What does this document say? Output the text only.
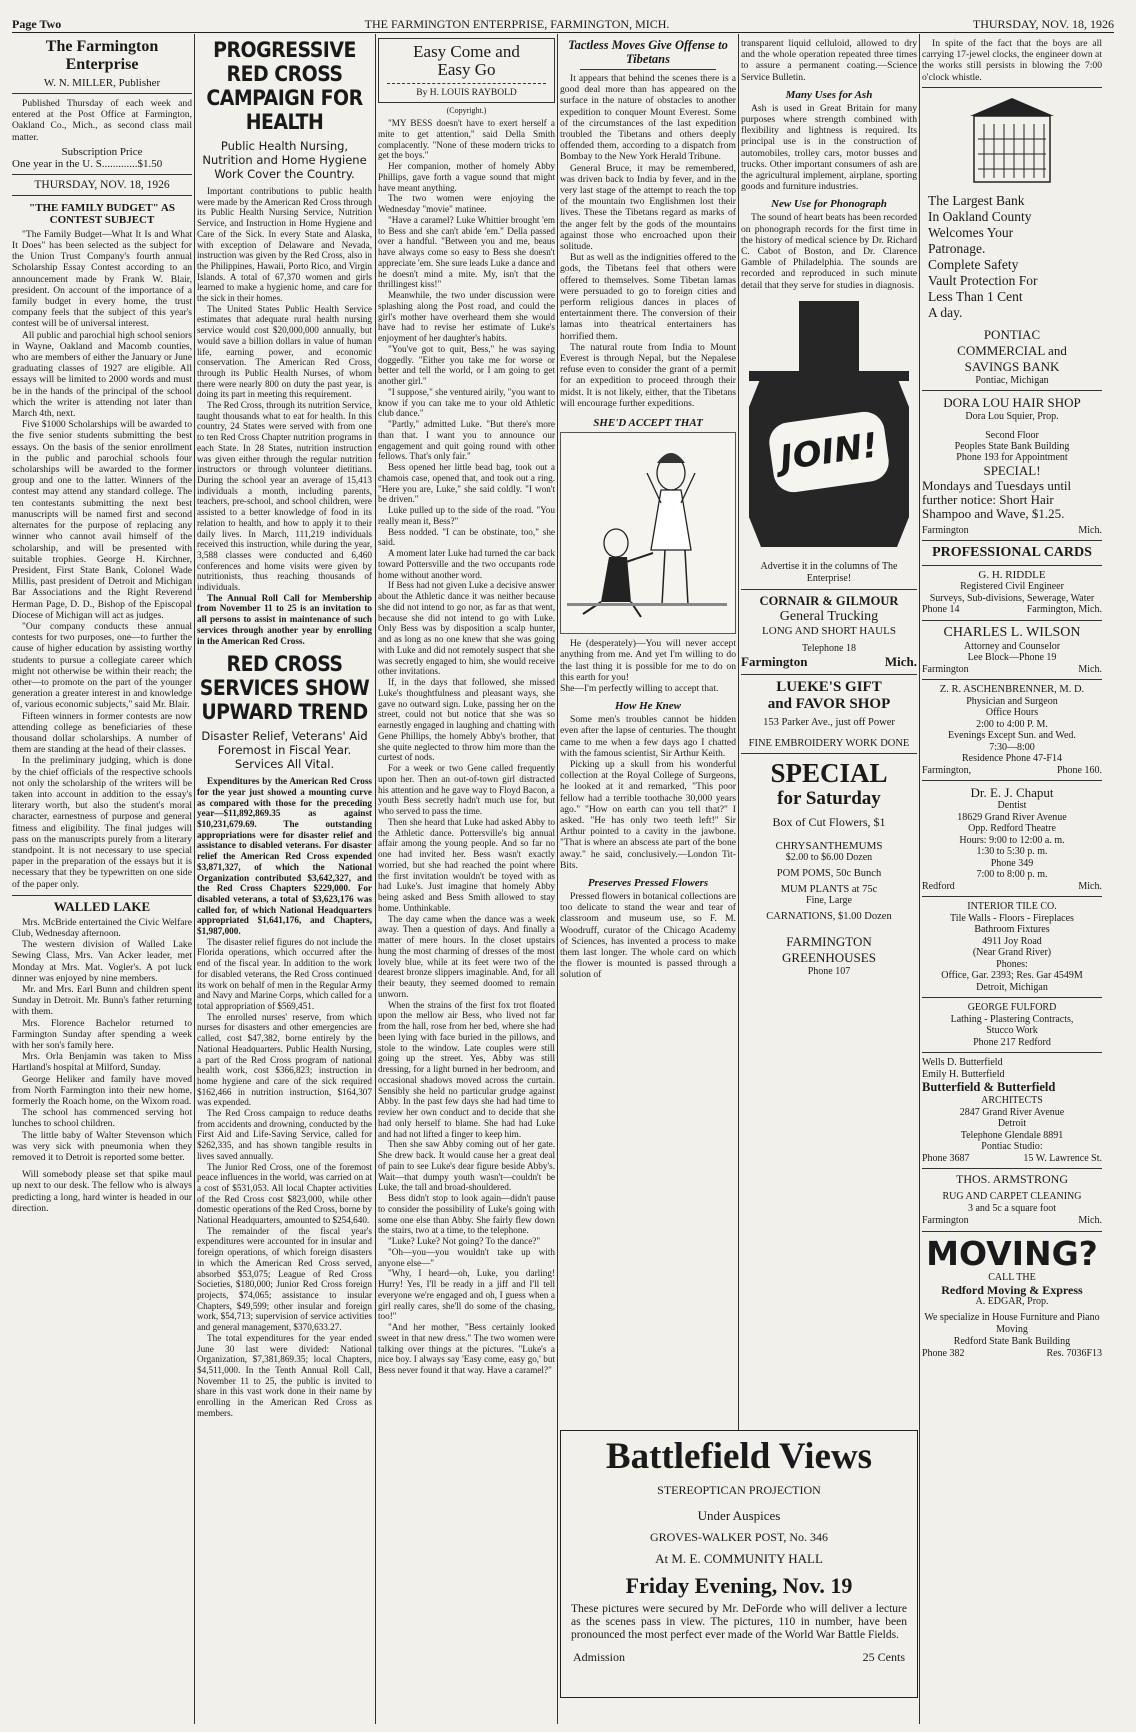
Page Two	THE FARMINGTON ENTERPRISE, FARMINGTON, MICH.	THURSDAY, NOV. 18, 1926
The Farmington Enterprise
W. N. MILLER, Publisher

Published Thursday of each week and entered at the Post Office at Farmington, Oakland Co., Mich., as second class mail matter.

Subscription Price
One year in the U. S.............$1.50
THURSDAY, NOV. 18, 1926
"THE FAMILY BUDGET" AS CONTEST SUBJECT

"The Family Budget—What It Is and What It Does" has been selected as the subject for the Union Trust Company's fourth annual Scholarship Essay Contest according to an announcement made by Frank W. Blair, president. On account of the importance of a family budget in every home, the trust company feels that the subject of this year's contest will be of universal interest.

All public and parochial high school seniors in Wayne, Oakland and Macomb counties, who are members of either the January or June graduating classes of 1927 are eligible. All essays will be limited to 2000 words and must be in the hands of the principal of the school which the writer is attending not later than March 4th, next.

Five $1000 Scholarships will be awarded to the five senior students submitting the best essays. On the basis of the senior enrollment in the public and parochial schools four scholarships will be awarded to the former group and one to the latter. Winners of the contest may attend any standard college. The ten contestants submitting the next best manuscripts will be named first and second alternates for the purpose of replacing any winner who cannot avail himself of the scholarship, and will be presented with suitable trophies. George H. Kirchner, President, First State Bank, Colonel Wade Millis, past president of Detroit and Michigan Bar Associations and the Right Reverend Herman Page, D. D., Bishop of the Episcopal Diocese of Michigan will act as judges.

"Our company conducts these annual contests for two purposes, one—to further the cause of higher education by assisting worthy students to pursue a collegiate career which might not otherwise be within their reach; the other—to promote on the part of the younger generation a greater interest in and knowledge of, various economic subjects," said Mr. Blair.

Fifteen winners in former contests are now attending college as beneficiaries of these thousand dollar scholarships. A number of them are standing at the head of their classes.

In the preliminary judging, which is done by the chief officials of the respective schools not only the scholarship of the writers will be taken into account in addition to the essay's literary worth, but also the student's moral character, earnestness of purpose and general fitness and eligibility. The final judges will pass on the manuscripts purely from a literary standpoint. It is not necessary to use special paper in the preparation of the essays but it is necessary that they be typewritten on one side of the paper only.

WALLED LAKE

Mrs. McBride entertained the Civic Welfare Club, Wednesday afternoon.

The western division of Walled Lake Sewing Class, Mrs. Van Acker leader, met Monday at Mrs. Mat. Vogler's. A pot luck dinner was enjoyed by nine members.

Mr. and Mrs. Earl Bunn and children spent Sunday in Detroit. Mr. Bunn's father returning with them.

Mrs. Florence Bachelor returned to Farmington Sunday after spending a week with her son's family here.

Mrs. Orla Benjamin was taken to Miss Hartland's hospital at Milford, Sunday.

George Heliker and family have moved from North Farmington into their new home, formerly the Roach home, on the Wixom road.

The school has commenced serving hot lunches to school children.

The little baby of Walter Stevenson which was very sick with pneumonia when they removed it to Detroit is reported some better.

Will somebody please set that spike maul up next to our desk. The fellow who is always predicting a long, hard winter is headed in our direction.

PROGRESSIVE RED CROSS CAMPAIGN FOR HEALTH
Public Health Nursing, Nutrition and Home Hygiene Work Cover the Country.

Important contributions to public health were made by the American Red Cross through its Public Health Nursing Service, Nutrition Service, and Instruction in Home Hygiene and Care of the Sick. In every State and Alaska, with exception of Delaware and Nevada, instruction was given by the Red Cross, also in the Philippines, Hawaii, Porto Rico, and Virgin Islands. A total of 67,370 women and girls learned to make a hygienic home, and care for the sick in their homes.

The United States Public Health Service estimates that adequate rural health nursing service would cost $20,000,000 annually, but would save a billion dollars in value of human life, earning power, and economic conservation. The American Red Cross, through its Public Health Nurses, of whom there were nearly 800 on duty the past year, is doing its part in meeting this requirement.

The Red Cross, through its nutrition Service, taught thousands what to eat for health. In this country, 24 States were served with from one to ten Red Cross Chapter nutrition programs in each State. In 28 States, nutrition instruction was given either through the regular nutrition instructors or through volunteer dietitians. During the school year an average of 15,413 individuals a month, including parents, teachers, pre-school, and school children, were assisted to a better knowledge of food in its relation to health, and how to apply it to their daily lives. In March, 111,219 individuals received this instruction, while during the year, 3,588 classes were conducted and 6,460 conferences and home visits were given by nutritionists, thus reaching thousands of individuals.

The Annual Roll Call for Membership from November 11 to 25 is an invitation to all persons to assist in maintenance of such services through another year by enrolling in the American Red Cross.

RED CROSS SERVICES SHOW UPWARD TREND
Disaster Relief, Veterans' Aid Foremost in Fiscal Year. Services All Vital.

Expenditures by the American Red Cross for the year just showed a mounting curve as compared with those for the preceding year—$11,892,869.35 as against $10,231,679.69. The outstanding appropriations were for disaster relief and assistance to disabled veterans. For disaster relief the American Red Cross expended $3,871,327, of which the National Organization contributed $3,642,327, and the Red Cross Chapters $229,000. For disabled veterans, a total of $3,623,176 was called for, of which National Headquarters appropriated $1,641,176, and Chapters, $1,987,000.

The disaster relief figures do not include the Florida operations, which occurred after the end of the fiscal year. In addition to the work for disabled veterans, the Red Cross continued its work on behalf of men in the Regular Army and Navy and Marine Corps, which called for a total appropriation of $569,451.

The enrolled nurses' reserve, from which nurses for disasters and other emergencies are called, cost $47,382, borne entirely by the National Headquarters. Public Health Nursing, a part of the Red Cross program of national health work, cost $366,823; instruction in home hygiene and care of the sick required $162,466 in nutrition instruction, $164,307 was expended.

The Red Cross campaign to reduce deaths from accidents and drowning, conducted by the First Aid and Life-Saving Service, called for $262,335, and has shown tangible results in lives saved annually.

The Junior Red Cross, one of the foremost peace influences in the world, was carried on at a cost of $531,053. All local Chapter activities of the Red Cross cost $823,000, while other domestic operations of the Red Cross, borne by National Headquarters, amounted to $254,640.

The remainder of the fiscal year's expenditures were accounted for in insular and foreign operations, of which foreign disasters in which the American Red Cross served, absorbed $53,075; League of Red Cross Societies, $180,000; Junior Red Cross foreign projects, $74,065; assistance to insular Chapters, $49,599; other insular and foreign work, $54,713; supervision of service activities and general management, $370,633.27.

The total expenditures for the year ended June 30 last were divided: National Organization, $7,381,869.35; local Chapters, $4,511,000. In the Tenth Annual Roll Call, November 11 to 25, the public is invited to share in this vast work done in their name by enrolling in the American Red Cross as members.

Easy Come and
Easy Go
By H. LOUIS RAYBOLD
(Copyright.)

"MY BESS doesn't have to exert herself a mite to get attention," said Della Smith complacently. "None of these modern tricks to get the boys."

Her companion, mother of homely Abby Phillips, gave forth a vague sound that might have meant anything.

The two women were enjoying the Wednesday "movie" matinee.

"Have a caramel? Luke Whittier brought 'em to Bess and she can't abide 'em." Della passed over a handful. "Between you and me, beaus have always come so easy to Bess she doesn't appreciate 'em. She sure leads Luke a dance and he doesn't mind a mite. My, isn't that the thrillingest kiss!"

Meanwhile, the two under discussion were splashing along the Post road, and could the girl's mother have overheard them she would have had to revise her estimate of Luke's enjoyment of her daughter's habits.

"You've got to quit, Bess," he was saying doggedly. "Either you take me for worse or better and tell the world, or I am going to get another girl."

"I suppose," she ventured airily, "you want to know if you can take me to your old Athletic club dance."

"Partly," admitted Luke. "But there's more than that. I want you to announce our engagement and quit going round with other fellows. That's only fair."

Bess opened her little bead bag, took out a chamois case, opened that, and took out a ring. "Here you are, Luke," she said coldly. "I won't be driven."

Luke pulled up to the side of the road. "You really mean it, Bess?"

Bess nodded. "I can be obstinate, too," she said.

A moment later Luke had turned the car back toward Pottersville and the two occupants rode home without another word.

If Bess had not given Luke a decisive answer about the Athletic dance it was neither because she did not intend to go nor, as far as that went, because she did not intend to go with Luke. Only Bess was by disposition a scalp hunter, and as long as no one knew that she was going with Luke and did not remotely suspect that she was secretly engaged to him, she would receive other invitations.

If, in the days that followed, she missed Luke's thoughtfulness and pleasant ways, she gave no outward sign. Luke, passing her on the street, could not but notice that she was so earnestly engaged in laughing and chatting with Gene Phillips, the homely Abby's brother, that she quite neglected to throw him more than the curtest of nods.

For a week or two Gene called frequently upon her. Then an out-of-town girl distracted his attention and he gave way to Floyd Bacon, a youth Bess secretly hadn't much use for, but who served to pass the time.

Then she heard that Luke had asked Abby to the Athletic dance. Pottersville's big annual affair among the young people. And so far no one had invited her. Bess wasn't exactly worried, but she had reached the point where the first invitation wouldn't be toyed with as had Luke's. Just imagine that homely Abby being asked and Bess Smith allowed to stay home. Unthinkable.

The day came when the dance was a week away. Then a question of days. And finally a matter of mere hours. In the closet upstairs hung the most charming of dresses of the most lovely blue, while at its feet were two of the dearest bronze slippers imaginable. And, for all their beauty, they seemed doomed to remain unworn.

When the strains of the first fox trot floated upon the mellow air Bess, who lived not far from the hall, rose from her bed, where she had been lying with face buried in the pillows, and stole to the window. Late couples were still going up the street. Yes, Abby was still dressing, for a light burned in her bedroom, and occasional shadows moved across the curtain. Sensibly she held no particular grudge against Abby. In the past few days she had had time to review her own conduct and to decide that she had only herself to blame. She had had Luke and had not lifted a finger to keep him.

Then she saw Abby coming out of her gate. She drew back. It would cause her a great deal of pain to see Luke's dear figure beside Abby's. Wait—that dumpy youth wasn't—couldn't be Luke, the tall and broad-shouldered.

Bess didn't stop to look again—didn't pause to consider the possibility of Luke's going with some one else than Abby. She fairly flew down the stairs, two at a time, to the telephone.

"Luke? Luke? Not going? To the dance?"

"Oh—you—you wouldn't take up with anyone else—"

"Why, I heard—oh, Luke, you darling! Hurry! Yes, I'll be ready in a jiff and I'll tell everyone we're engaged and oh, I guess when a girl really cares, she'll do some of the chasing, too!"

"And her mother, "Bess certainly looked sweet in that new dress." The two women were talking over things at the pictures. "Luke's a nice boy. I always say 'Easy come, easy go,' but Bess never found it that way. Have a caramel?"

Tactless Moves Give Offense to Tibetans

It appears that behind the scenes there is a good deal more than has appeared on the surface in the nature of obstacles to another expedition to conquer Mount Everest. Some of the circumstances of the last expedition troubled the Tibetans and others deeply offended them, according to a dispatch from Bombay to the New York Herald Tribune.

General Bruce, it may be remembered, was driven back to India by fever, and in the very last stage of the attempt to reach the top of the mountain two Englishmen lost their lives. These the Tibetans regard as marks of the anger felt by the gods of the mountains against those who encroached upon their solitude.

But as well as the indignities offered to the gods, the Tibetans feel that others were offered to themselves. Some Tibetan lamas were persuaded to go to foreign cities and perform religious dances in places of entertainment there. The conversion of their lamas into theatrical entertainers has horrified them.

The natural route from India to Mount Everest is through Nepal, but the Nepalese refuse even to consider the grant of a permit for an expedition to proceed through their midst. It is not likely, either, that the Tibetans will encourage further expeditions.

SHE'D ACCEPT THAT

He (desperately)—You will never accept anything from me. And yet I'm willing to do the last thing it is possible for me to do on this earth for you!
She—I'm perfectly willing to accept that.

How He Knew

Some men's troubles cannot be hidden even after the lapse of centuries. The thought came to me when a few days ago I chatted with the famous scientist, Sir Arthur Keith.

Picking up a skull from his wonderful collection at the Royal College of Surgeons, he looked at it and remarked, "This poor fellow had a terrible toothache 30,000 years ago." "How on earth can you tell that?" I asked. "He has only two teeth left!" Sir Arthur pointed to a cavity in the jawbone. "That is where an abscess ate part of the bone away." he said, conclusively.—London Tit-Bits.

Preserves Pressed Flowers

Pressed flowers in botanical collections are too delicate to stand the wear and tear of classroom and museum use, so F. M. Woodruff, curator of the Chicago Academy of Sciences, has invented a process to make them last longer. The whole card on which the flower is mounted is passed through a solution of

transparent liquid celluloid, allowed to dry and the whole operation repeated three times to assure a permanent coating.—Science Service Bulletin.

Many Uses for Ash

Ash is used in Great Britain for many purposes where strength combined with flexibility and lightness is required. Its principal use is in the construction of automobiles, trolley cars, motor busses and trucks. Other important consumers of ash are the agricultural implement, airplane, sporting goods and furniture industries.

New Use for Phonograph

The sound of heart beats has been recorded on phonograph records for the first time in the history of medical science by Dr. Richard C. Cabot of Boston, and Dr. Clarence Gamble of Philadelphia. The sounds are recorded and reproduced in such minute detail that they serve for studies in diagnosis.

JOIN!
Advertise it in the columns of The Enterprise!
CORNAIR & GILMOUR
General Trucking
LONG AND SHORT HAULS
Telephone 18
Farmington	Mich.
LUEKE'S GIFT
and FAVOR SHOP
153 Parker Ave., just off Power
FINE EMBROIDERY WORK DONE
SPECIAL
for Saturday
Box of Cut Flowers, $1
CHRYSANTHEMUMS
$2.00 to $6.00 Dozen
POM POMS, 50c Bunch
MUM PLANTS at 75c
Fine, Large
CARNATIONS, $1.00 Dozen
FARMINGTON
GREENHOUSES
Phone 107
Battlefield Views
STEREOPTICAN PROJECTION
Under Auspices
GROVES-WALKER POST, No. 346
At M. E. COMMUNITY HALL
Friday Evening, Nov. 19
These pictures were secured by Mr. DeForde who will deliver a lecture as the scenes pass in view. The pictures, 110 in number, have been pronounced the most perfect ever made of the World War Battle Fields.
Admission	25 Cents

In spite of the fact that the boys are all carrying 17-jewel clocks, the engineer down at the works still persists in blowing the 7:00 o'clock whistle.

The Largest Bank
In Oakland County
Welcomes Your
Patronage.
Complete Safety
Vault Protection For
Less Than 1 Cent
A day.
PONTIAC
COMMERCIAL and
SAVINGS BANK
Pontiac, Michigan
DORA LOU HAIR SHOP
Dora Lou Squier, Prop.
Second Floor
Peoples State Bank Building
Phone 193 for Appointment
SPECIAL!
Mondays and Tuesdays until further notice: Short Hair Shampoo and Wave, $1.25.
Farmington	Mich.
PROFESSIONAL CARDS
G. H. RIDDLE
Registered Civil Engineer
Surveys, Sub-divisions, Sewerage, Water
Phone 14	Farmington, Mich.
CHARLES L. WILSON
Attorney and Counselor
Lee Block—Phone 19
Farmington	Mich.
Z. R. ASCHENBRENNER, M. D.
Physician and Surgeon
Office Hours
2:00 to 4:00 P. M.
Evenings Except Sun. and Wed.
7:30—8:00
Residence Phone 47-F14
Farmington,	Phone 160.
Dr. E. J. Chaput
Dentist
18629 Grand River Avenue
Opp. Redford Theatre
Hours: 9:00 to 12:00 a. m.
1:30 to 5:30 p. m.
Phone 349
7:00 to 8:00 p. m.
Redford	Mich.
INTERIOR TILE CO.
Tile Walls - Floors - Fireplaces
Bathroom Fixtures
4911 Joy Road
(Near Grand River)
Phones:
Office, Gar. 2393; Res. Gar 4549M
Detroit, Michigan
GEORGE FULFORD
Lathing - Plastering Contracts,
Stucco Work
Phone 217 Redford
Wells D. Butterfield
Emily H. Butterfield
Butterfield & Butterfield
ARCHITECTS
2847 Grand River Avenue
Detroit
Telephone Glendale 8891
Pontiac Studio:
Phone 3687	15 W. Lawrence St.
THOS. ARMSTRONG
RUG AND CARPET CLEANING
3 and 5c a square foot
Farmington	Mich.
MOVING?
CALL THE
Redford Moving & Express
A. EDGAR, Prop.
We specialize in House Furniture and Piano Moving
Redford State Bank Building
Phone 382	Res. 7036F13
